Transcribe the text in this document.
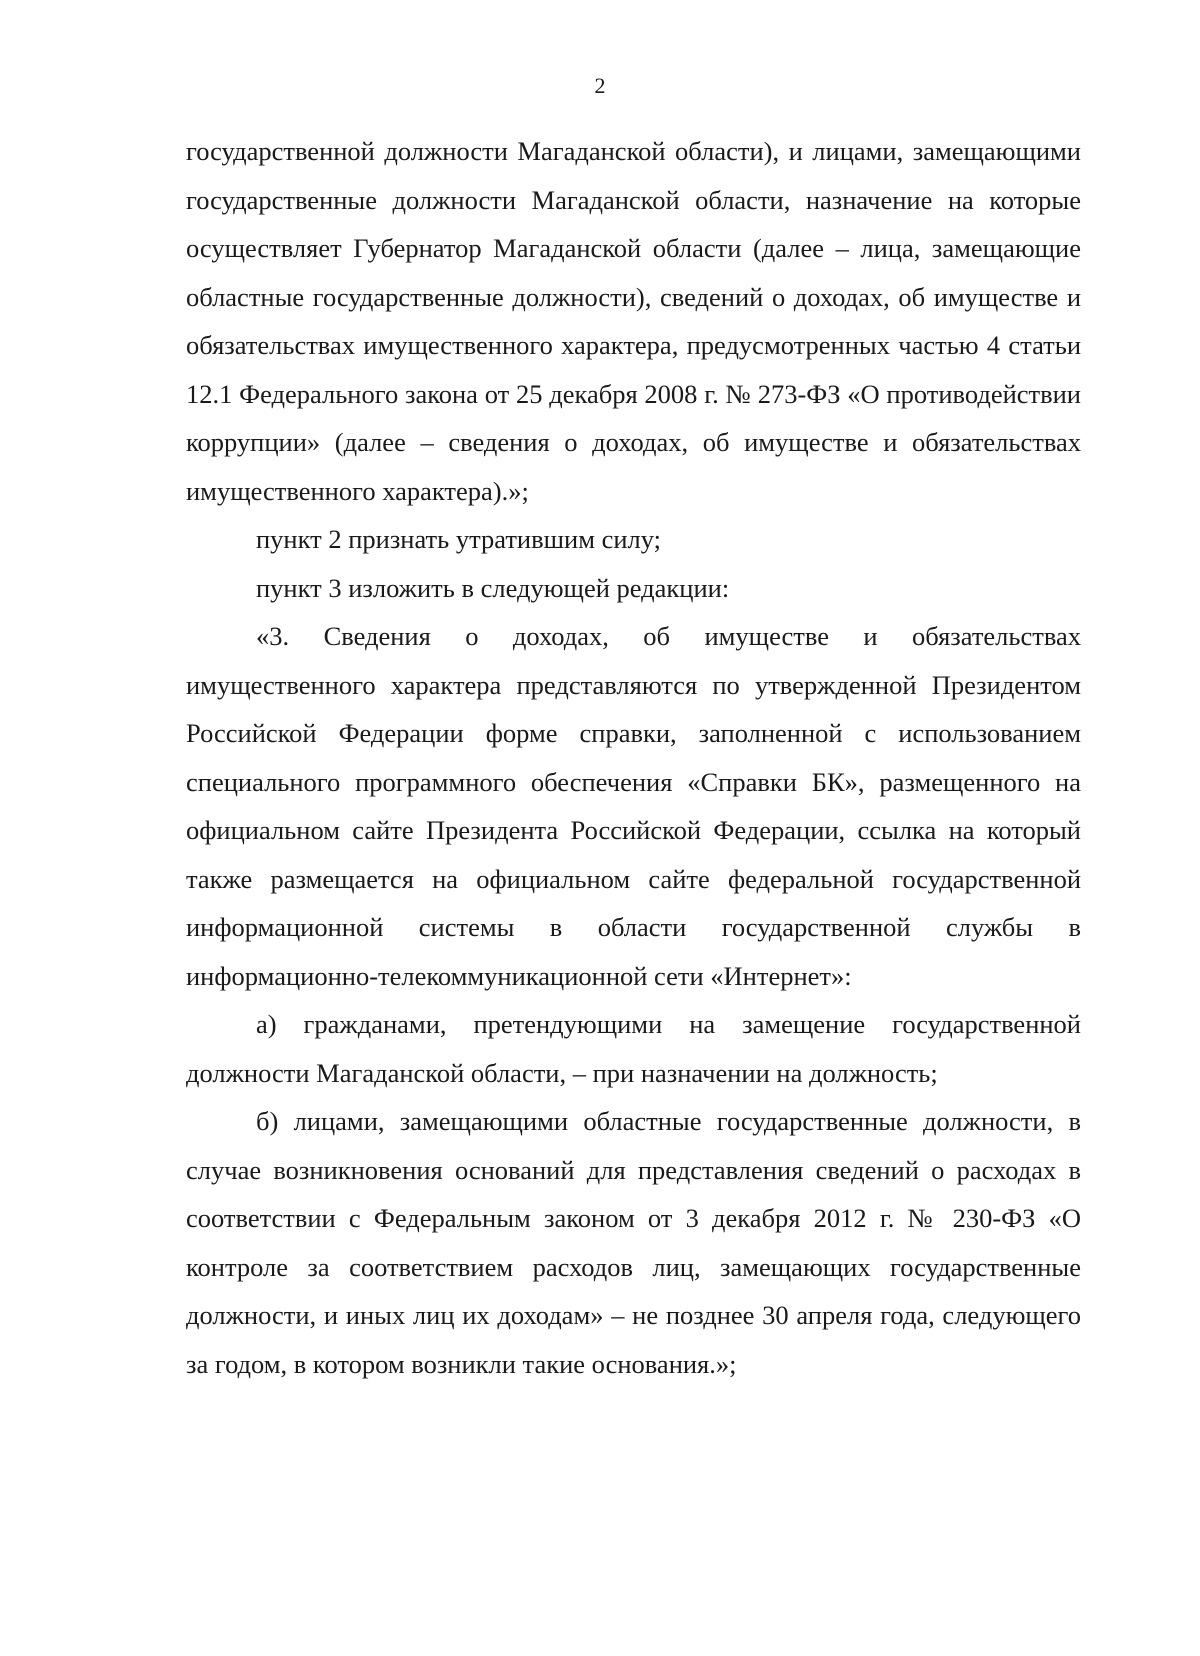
2

государственной должности Магаданской области), и лицами, замещающими государственные должности Магаданской области, назначение на которые осуществляет Губернатор Магаданской области (далее – лица, замещающие областные государственные должности), сведений о доходах, об имуществе и обязательствах имущественного характера, предусмотренных частью 4 статьи 12.1 Федерального закона от 25 декабря 2008 г. № 273-ФЗ «О противодействии коррупции» (далее – сведения о доходах, об имуществе и обязательствах имущественного характера).»;

пункт 2 признать утратившим силу;

пункт 3 изложить в следующей редакции:

«3. Сведения о доходах, об имуществе и обязательствах имущественного характера представляются по утвержденной Президентом Российской Федерации форме справки, заполненной с использованием специального программного обеспечения «Справки БК», размещенного на официальном сайте Президента Российской Федерации, ссылка на который также размещается на официальном сайте федеральной государственной информационной системы в области государственной службы в информационно-телекоммуникационной сети «Интернет»:

а) гражданами, претендующими на замещение государственной должности Магаданской области, – при назначении на должность;

б) лицами, замещающими областные государственные должности, в случае возникновения оснований для представления сведений о расходах в соответствии с Федеральным законом от 3 декабря 2012 г. № 230-ФЗ «О контроле за соответствием расходов лиц, замещающих государственные должности, и иных лиц их доходам» – не позднее 30 апреля года, следующего за годом, в котором возникли такие основания.»;
